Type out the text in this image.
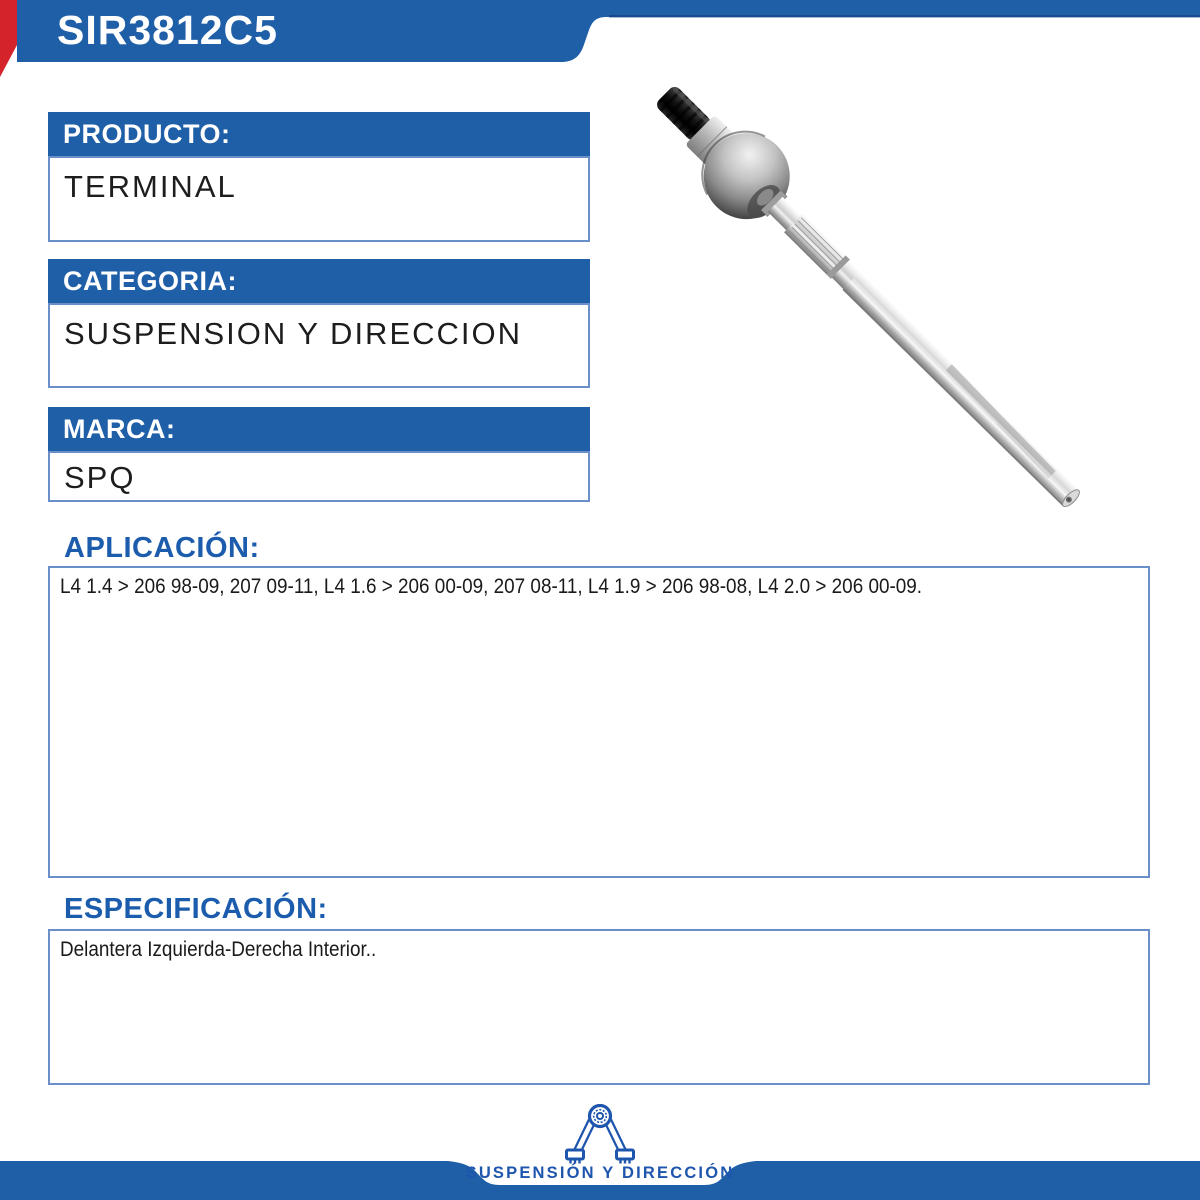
SIR3812C5
PRODUCTO:
TERMINAL
CATEGORIA:
SUSPENSION Y DIRECCION
MARCA:
SPQ
APLICACIÓN:
L4 1.4 > 206 98-09, 207 09-11, L4 1.6 > 206 00-09, 207 08-11, L4 1.9 > 206 98-08, L4 2.0 > 206 00-09.
ESPECIFICACIÓN:
Delantera Izquierda-Derecha Interior..
SUSPENSIÓN Y DIRECCIÓN
